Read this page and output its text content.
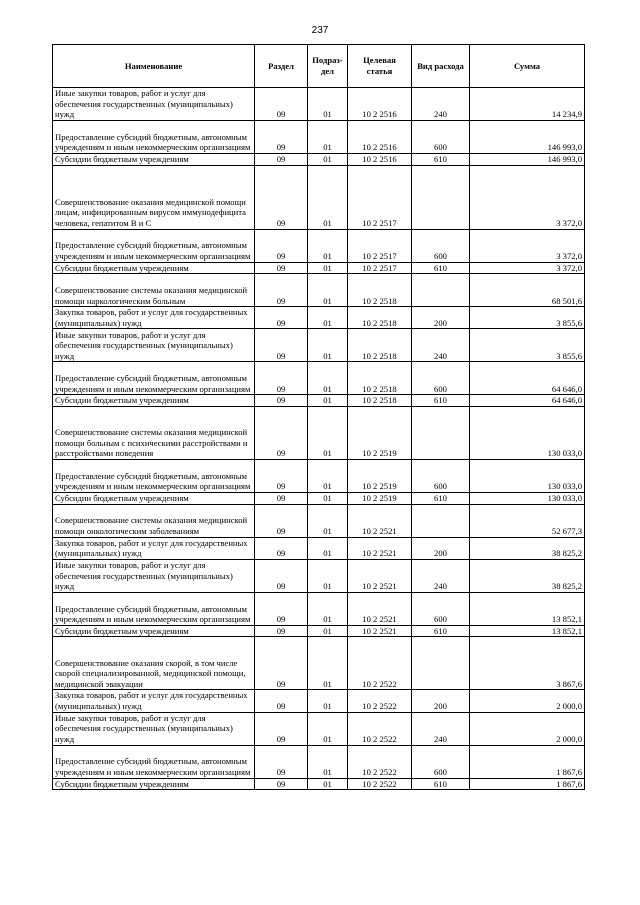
237
Наименование	Раздел	Подраз-дел	Целевая статья	Вид расхода	Сумма
Иные закупки товаров, работ и услуг для обеспечения государственных (муниципальных) нужд	09	01	10 2 2516	240	14 234,9
Предоставление субсидий бюджетным, автономным учреждениям и иным некоммерческим организациям	09	01	10 2 2516	600	146 993,0
Субсидии бюджетным учреждениям	09	01	10 2 2516	610	146 993,0
Совершенствование оказания медицинской помощи лицам, инфицированным вирусом иммунодефицита человека, гепатитом В и С	09	01	10 2 2517		3 372,0
Предоставление субсидий бюджетным, автономным учреждениям и иным некоммерческим организациям	09	01	10 2 2517	600	3 372,0
Субсидии бюджетным учреждениям	09	01	10 2 2517	610	3 372,0
Совершенствование системы оказания медицинской помощи наркологическим больным	09	01	10 2 2518		68 501,6
Закупка товаров, работ и услуг для государственных (муниципальных) нужд	09	01	10 2 2518	200	3 855,6
Иные закупки товаров, работ и услуг для обеспечения государственных (муниципальных) нужд	09	01	10 2 2518	240	3 855,6
Предоставление субсидий бюджетным, автономным учреждениям и иным некоммерческим организациям	09	01	10 2 2518	600	64 646,0
Субсидии бюджетным учреждениям	09	01	10 2 2518	610	64 646,0
Совершенствование системы оказания медицинской помощи больным с психическими расстройствами и расстройствами поведения	09	01	10 2 2519		130 033,0
Предоставление субсидий бюджетным, автономным учреждениям и иным некоммерческим организациям	09	01	10 2 2519	600	130 033,0
Субсидии бюджетным учреждениям	09	01	10 2 2519	610	130 033,0
Совершенствование системы оказания медицинской помощи онкологическим заболеваниям	09	01	10 2 2521		52 677,3
Закупка товаров, работ и услуг для государственных (муниципальных) нужд	09	01	10 2 2521	200	38 825,2
Иные закупки товаров, работ и услуг для обеспечения государственных (муниципальных) нужд	09	01	10 2 2521	240	38 825,2
Предоставление субсидий бюджетным, автономным учреждениям и иным некоммерческим организациям	09	01	10 2 2521	600	13 852,1
Субсидии бюджетным учреждениям	09	01	10 2 2521	610	13 852,1
Совершенствование оказания скорой, в том числе скорой специализированной, медицинской помощи, медицинской эвакуации	09	01	10 2 2522		3 867,6
Закупка товаров, работ и услуг для государственных (муниципальных) нужд	09	01	10 2 2522	200	2 000,0
Иные закупки товаров, работ и услуг для обеспечения государственных (муниципальных) нужд	09	01	10 2 2522	240	2 000,0
Предоставление субсидий бюджетным, автономным учреждениям и иным некоммерческим организациям	09	01	10 2 2522	600	1 867,6
Субсидии бюджетным учреждениям	09	01	10 2 2522	610	1 867,6
